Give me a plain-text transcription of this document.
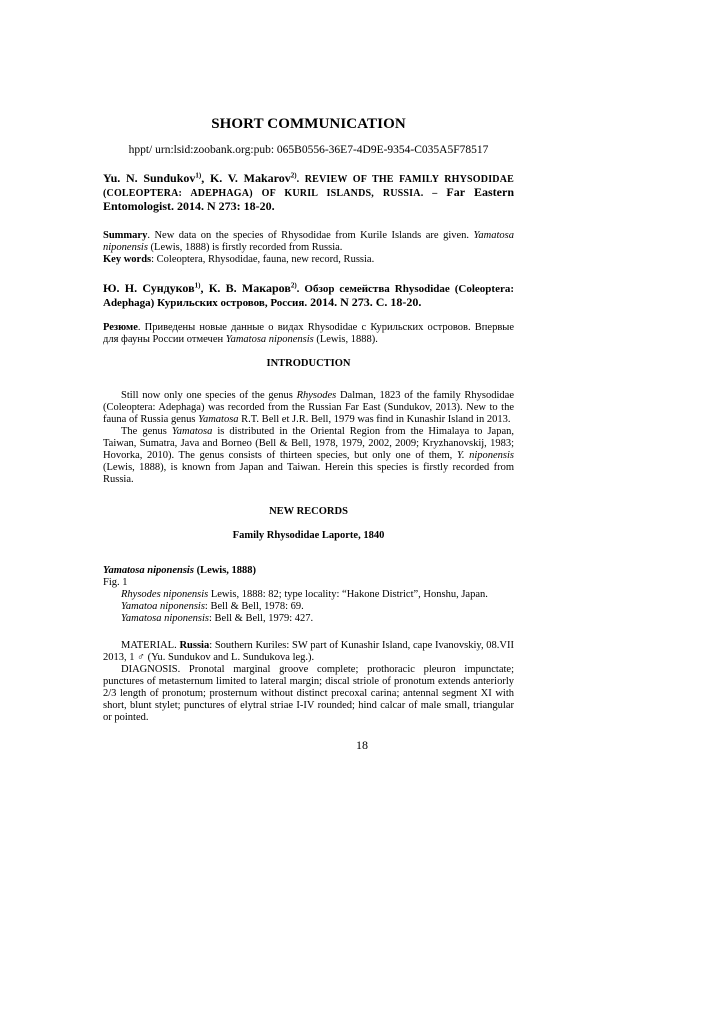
SHORT COMMUNICATION
hppt/ urn:lsid:zoobank.org:pub: 065B0556-36E7-4D9E-9354-C035A5F78517

Yu. N. Sundukov$^{1)}$, K. V. Makarov$^{2)}$. REVIEW OF THE FAMILY RHYSODIDAE (COLEOPTERA: ADEPHAGA) OF KURIL ISLANDS, RUSSIA. – Far Eastern Entomologist. 2014. N 273: 18-20.

Summary. New data on the species of Rhysodidae from Kurile Islands are given. Yamatosa niponensis (Lewis, 1888) is firstly recorded from Russia.

Key words: Coleoptera, Rhysodidae, fauna, new record, Russia.

Ю. Н. Сундуков$^{1)}$, К. В. Макаров$^{2)}$. Обзор семейства Rhysodidae (Coleoptera: Adephaga) Курильских островов, Россия. 2014. N 273. С. 18-20.

Резюме. Приведены новые данные о видах Rhysodidae с Курильских островов. Впервые для фауны России отмечен Yamatosa niponensis (Lewis, 1888).

INTRODUCTION

Still now only one species of the genus Rhysodes Dalman, 1823 of the family Rhysodidae (Coleoptera: Adephaga) was recorded from the Russian Far East (Sundukov, 2013). New to the fauna of Russia genus Yamatosa R.T. Bell et J.R. Bell, 1979 was find in Kunashir Island in 2013.

The genus Yamatosa is distributed in the Oriental Region from the Himalaya to Japan, Taiwan, Sumatra, Java and Borneo (Bell & Bell, 1978, 1979, 2002, 2009; Kryzhanovskij, 1983; Hovorka, 2010). The genus consists of thirteen species, but only one of them, Y. niponensis (Lewis, 1888), is known from Japan and Taiwan. Herein this species is firstly recorded from Russia.

NEW RECORDS
Family Rhysodidae Laporte, 1840

Yamatosa niponensis (Lewis, 1888)

Fig. 1

Rhysodes niponensis Lewis, 1888: 82; type locality: “Hakone District”, Honshu, Japan.

Yamatoa niponensis: Bell & Bell, 1978: 69.

Yamatosa niponensis: Bell & Bell, 1979: 427.

MATERIAL. Russia: Southern Kuriles: SW part of Kunashir Island, cape Ivanovskiy, 08.VII 2013, 1 ♂ (Yu. Sundukov and L. Sundukova leg.).

DIAGNOSIS. Pronotal marginal groove complete; prothoracic pleuron impunctate; punctures of metasternum limited to lateral margin; discal striole of pronotum extends anteriorly 2/3 length of pronotum; prosternum without distinct precoxal carina; antennal segment XI with short, blunt stylet; punctures of elytral striae I-IV rounded; hind calcar of male small, triangular or pointed.

18
